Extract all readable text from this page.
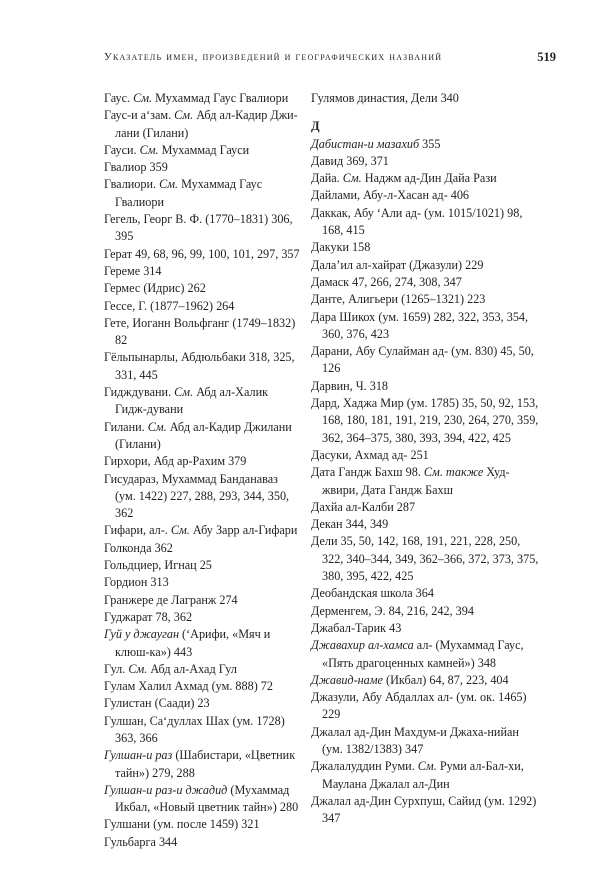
Указатель имен, произведений и географических названий	519

Гаус. См. Мухаммад Гаус Гвалиори

Гаус-и а‘зам. См. Абд ал-Кадир Джи-лани (Гилани)

Гауси. См. Мухаммад Гауси

Гвалиор 359

Гвалиори. См. Мухаммад Гаус Гвалиори

Гегель, Георг В. Ф. (1770–1831) 306, 395

Герат 49, 68, 96, 99, 100, 101, 297, 357

Гереме 314

Гермес (Идрис) 262

Гессе, Г. (1877–1962) 264

Гете, Иоганн Вольфганг (1749–1832) 82

Гёльпынарлы, Абдюльбаки 318, 325, 331, 445

Гидждувани. См. Абд ал-Халик Гидж-дувани

Гилани. См. Абд ал-Кадир Джилани (Гилани)

Гирхори, Абд ар-Рахим 379

Гисудараз, Мухаммад Банданаваз (ум. 1422) 227, 288, 293, 344, 350, 362

Гифари, ал-. См. Абу Зарр ал-Гифари

Голконда 362

Гольдциер, Игнац 25

Гордион 313

Гранжере де Лагранж 274

Гуджарат 78, 362

Гуй у джауган (‘Арифи, «Мяч и клюш-ка») 443

Гул. См. Абд ал-Ахад Гул

Гулам Халил Ахмад (ум. 888) 72

Гулистан (Саади) 23

Гулшан, Са‘дуллах Шах (ум. 1728) 363, 366

Гулшан-и раз (Шабистари, «Цветник тайн») 279, 288

Гулшан-и раз-и джадид (Мухаммад Икбал, «Новый цветник тайн») 280

Гулшани (ум. после 1459) 321

Гульбарга 344

Гулямов династия, Дели 340

Д

Дабистан-и мазахиб 355

Давид 369, 371

Дайа. См. Наджм ад-Дин Дайа Рази

Дайлами, Абу-л-Хасан ад- 406

Даккак, Абу ‘Али ад- (ум. 1015/1021) 98, 168, 415

Дакуки 158

Дала’ил ал-хайрат (Джазули) 229

Дамаск 47, 266, 274, 308, 347

Данте, Алигьери (1265–1321) 223

Дара Шикох (ум. 1659) 282, 322, 353, 354, 360, 376, 423

Дарани, Абу Сулайман ад- (ум. 830) 45, 50, 126

Дарвин, Ч. 318

Дард, Хаджа Мир (ум. 1785) 35, 50, 92, 153, 168, 180, 181, 191, 219, 230, 264, 270, 359, 362, 364–375, 380, 393, 394, 422, 425

Дасуки, Ахмад ад- 251

Дата Гандж Бахш 98. См. также Худ-жвири, Дата Гандж Бахш

Дахйа ал-Калби 287

Декан 344, 349

Дели 35, 50, 142, 168, 191, 221, 228, 250, 322, 340–344, 349, 362–366, 372, 373, 375, 380, 395, 422, 425

Деобандская школа 364

Дерменгем, Э. 84, 216, 242, 394

Джабал-Тарик 43

Джавахир ал-хамса ал- (Мухаммад Гаус, «Пять драгоценных камней») 348

Джавид-наме (Икбал) 64, 87, 223, 404

Джазули, Абу Абдаллах ал- (ум. ок. 1465) 229

Джалал ад-Дин Махдум-и Джаха-нийан (ум. 1382/1383) 347

Джалалуддин Руми. См. Руми ал-Бал-хи, Маулана Джалал ал-Дин

Джалал ад-Дин Сурхпуш, Сайид (ум. 1292) 347
